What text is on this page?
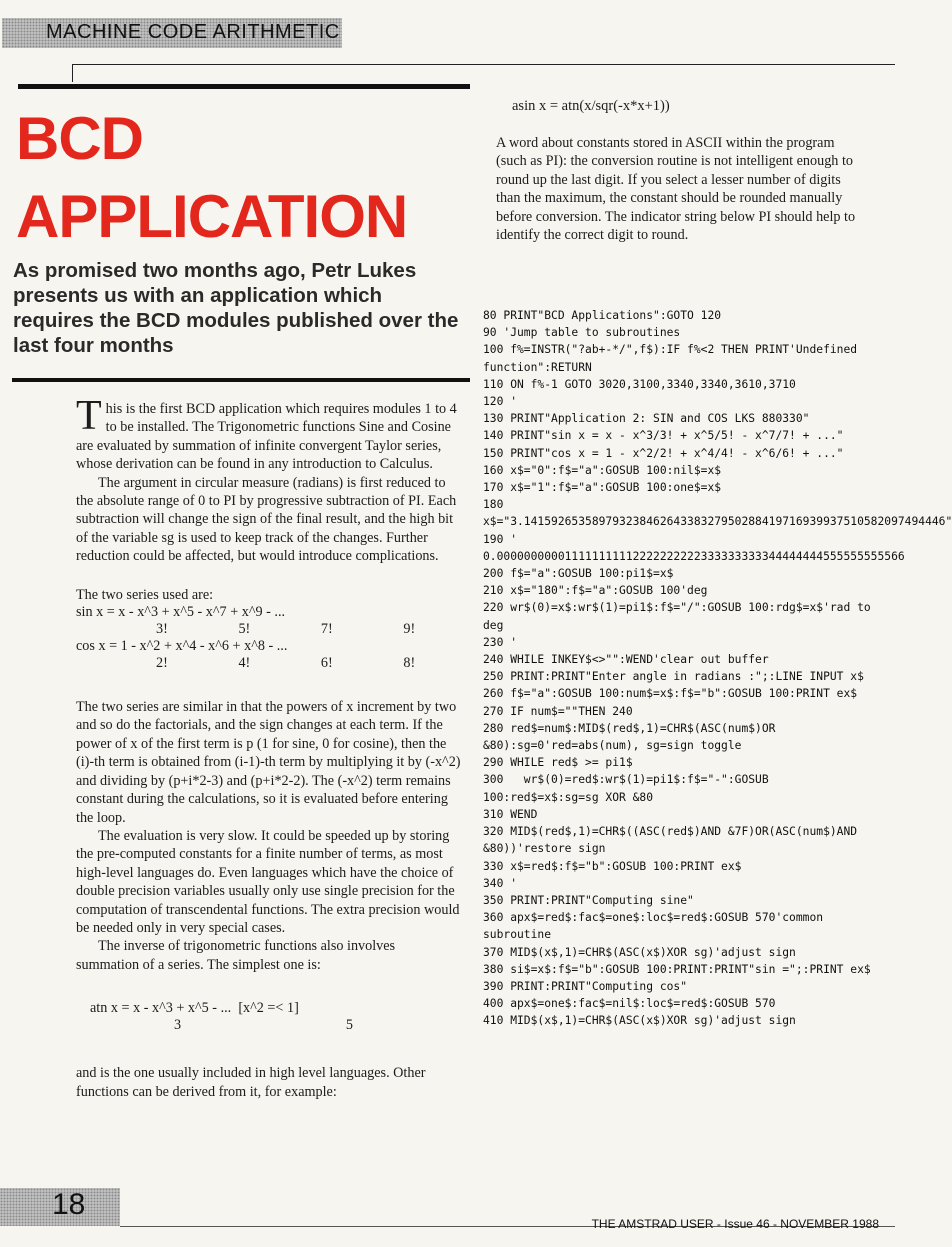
MACHINE CODE ARITHMETIC
BCD
APPLICATION

As promised two months ago, Petr Lukes presents us with an application which requires the BCD modules published over the last four months

This is the first BCD application which requires modules 1 to 4 to be installed. The Trigonometric functions Sine and Cosine are evaluated by summation of infinite convergent Taylor series, whose derivation can be found in any introduction to Calculus.

The argument in circular measure (radians) is first reduced to the absolute range of 0 to PI by progressive subtraction of PI. Each subtraction will change the sign of the final result, and the high bit of the variable sg is used to keep track of the changes. Further reduction could be affected, but would introduce complications.

The two series used are:

sin x = x - x^3 + x^5 - x^7 + x^9 - ...
3!   5!   7!   9!
cos x = 1 - x^2 + x^4 - x^6 + x^8 - ...
2!   4!   6!   8!

The two series are similar in that the powers of x increment by two and so do the factorials, and the sign changes at each term. If the power of x of the first term is p (1 for sine, 0 for cosine), then the (i)-th term is obtained from (i-1)-th term by multiplying it by (-x^2) and dividing by (p+i*2-3) and (p+i*2-2). The (-x^2) term remains constant during the calculations, so it is evaluated before entering the loop.

The evaluation is very slow. It could be speeded up by storing the pre-computed constants for a finite number of terms, as most high-level languages do. Even languages which have the choice of double precision variables usually only use single precision for the computation of transcendental functions. The extra precision would be needed only in very special cases.

The inverse of trigonometric functions also involves summation of a series. The simplest one is:

atn x = x - x^3 + x^5 - ...  [x^2 =< 1]
3       5

and is the one usually included in high level languages. Other functions can be derived from it, for example:

asin x = atn(x/sqr(-x*x+1))

A word about constants stored in ASCII within the program (such as PI): the conversion routine is not intelligent enough to round up the last digit. If you select a lesser number of digits than the maximum, the constant should be rounded manually before conversion. The indicator string below PI should help to identify the correct digit to round.

80 PRINT"BCD Applications":GOTO 120
90 'Jump table to subroutines
100 f%=INSTR("?ab+-*/",f$):IF f%<2 THEN PRINT'Undefined function":RETURN
110 ON f%-1 GOTO 3020,3100,3340,3340,3610,3710
120 '
130 PRINT"Application 2: SIN and COS LKS 880330"
140 PRINT"sin x = x - x^3/3! + x^5/5! - x^7/7! + ..."
150 PRINT"cos x = 1 - x^2/2! + x^4/4! - x^6/6! + ..."
160 x$="0":f$="a":GOSUB 100:nil$=x$
170 x$="1":f$="a":GOSUB 100:one$=x$
180 x$="3.14159265358979323846264338327950288419716939937510582097494446"
190 '   0.000000000011111111112222222222333333333344444444555555555566
200 f$="a":GOSUB 100:pi1$=x$
210 x$="180":f$="a":GOSUB 100'deg
220 wr$(0)=x$:wr$(1)=pi1$:f$="/":GOSUB 100:rdg$=x$'rad to deg
230 '
240 WHILE INKEY$<>"":WEND'clear out buffer
250 PRINT:PRINT"Enter angle in radians :";:LINE INPUT x$
260 f$="a":GOSUB 100:num$=x$:f$="b":GOSUB 100:PRINT ex$
270 IF num$=""THEN 240
280 red$=num$:MID$(red$,1)=CHR$(ASC(num$)OR &80):sg=0'red=abs(num), sg=sign toggle
290 WHILE red$ >= pi1$
300   wr$(0)=red$:wr$(1)=pi1$:f$="-":GOSUB 100:red$=x$:sg=sg XOR &80
310 WEND
320 MID$(red$,1)=CHR$((ASC(red$)AND &7F)OR(ASC(num$)AND &80))'restore sign
330 x$=red$:f$="b":GOSUB 100:PRINT ex$
340 '
350 PRINT:PRINT"Computing sine"
360 apx$=red$:fac$=one$:loc$=red$:GOSUB 570'common subroutine
370 MID$(x$,1)=CHR$(ASC(x$)XOR sg)'adjust sign
380 si$=x$:f$="b":GOSUB 100:PRINT:PRINT"sin =";:PRINT ex$
390 PRINT:PRINT"Computing cos"
400 apx$=one$:fac$=nil$:loc$=red$:GOSUB 570
410 MID$(x$,1)=CHR$(ASC(x$)XOR sg)'adjust sign
18
THE AMSTRAD USER - Issue 46 - NOVEMBER 1988
